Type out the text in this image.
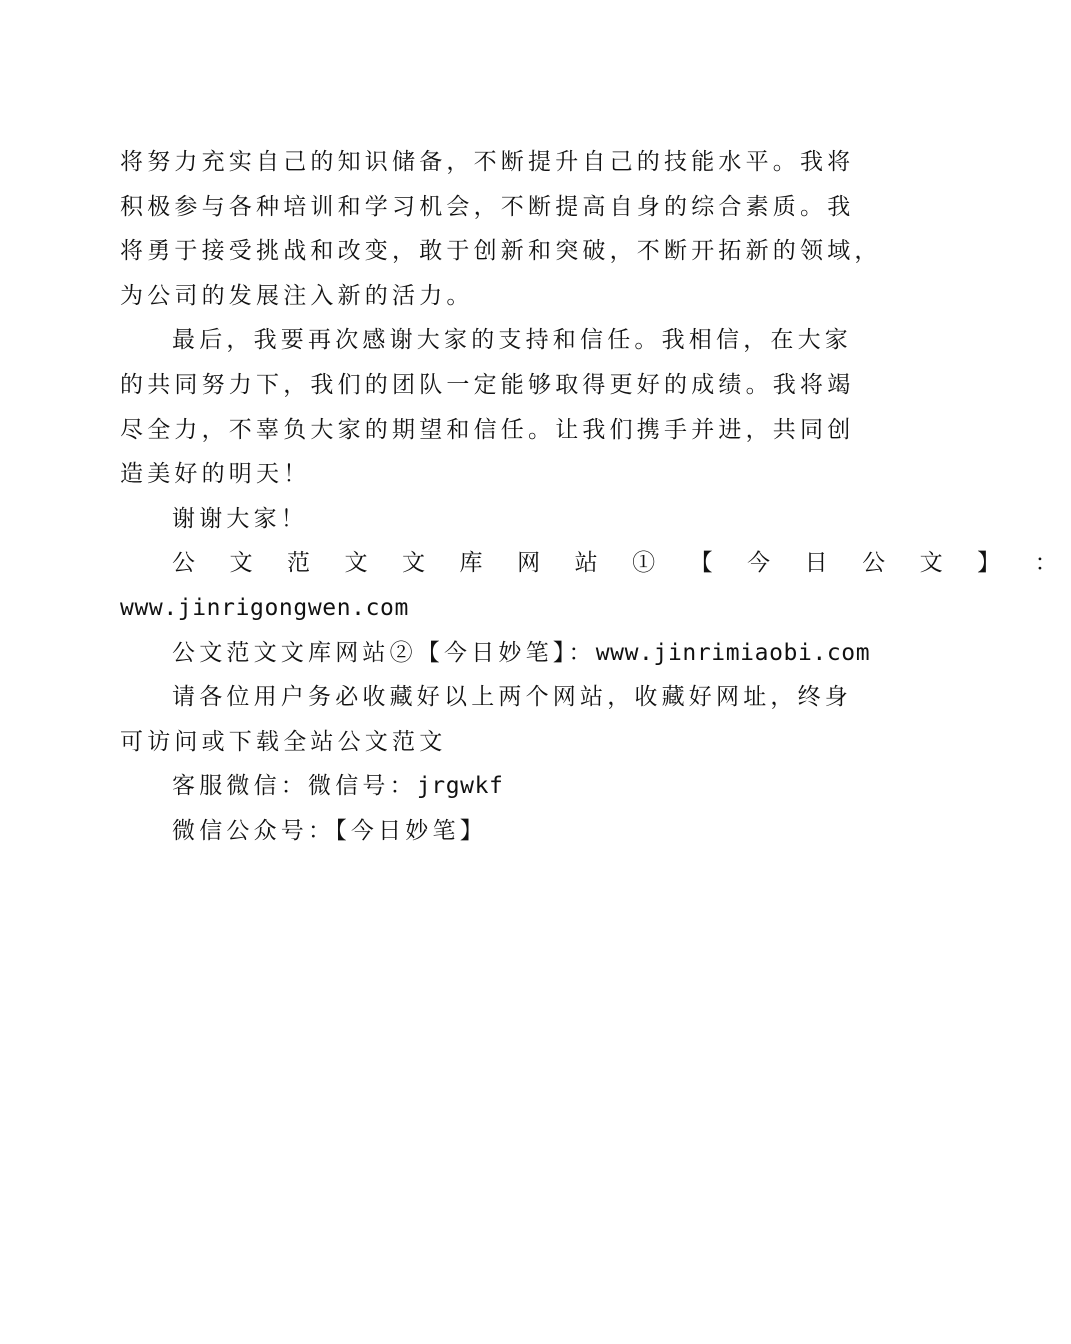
将努力充实自己的知识储备，不断提升自己的技能水平。我将
积极参与各种培训和学习机会，不断提高自身的综合素质。我
将勇于接受挑战和改变，敢于创新和突破，不断开拓新的领域，
为公司的发展注入新的活力。

最后，我要再次感谢大家的支持和信任。我相信，在大家
的共同努力下，我们的团队一定能够取得更好的成绩。我将竭
尽全力，不辜负大家的期望和信任。让我们携手并进，共同创
造美好的明天！

谢谢大家！

公 文 范 文 文 库 网 站 ① 【 今 日 公 文 】 ：
www.jinrigongwen.com

公文范文文库网站②【今日妙笔】：www.jinrimiaobi.com

请各位用户务必收藏好以上两个网站，收藏好网址，终身
可访问或下载全站公文范文

客服微信：微信号：jrgwkf

微信公众号：【今日妙笔】
